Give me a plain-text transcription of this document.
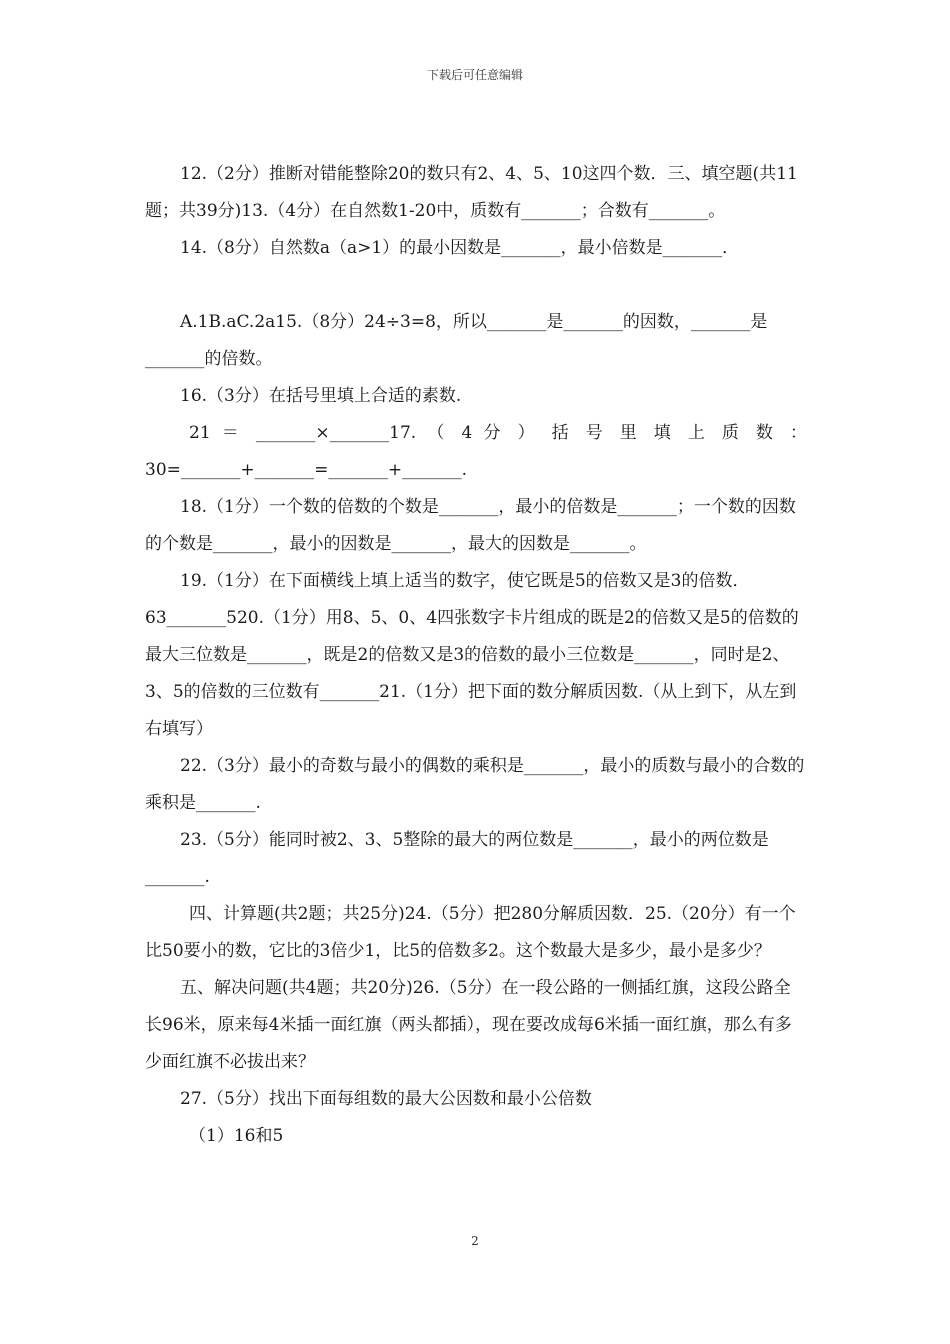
下载后可任意编辑

12.（2分）推断对错能整除20的数只有2、4、5、10这四个数．三、填空题(共11题；共39分)13.（4分）在自然数1-20中，质数有_______；合数有_______。

14.（8分）自然数a（a>1）的最小因数是_______，最小倍数是_______．

A.1B.aC.2a15.（8分）24÷3=8，所以_______是_______的因数，_______是_______的倍数。

16.（3分）在括号里填上合适的素数.

21 ＝ _______×_______17. （ 4 分 ） 括 号 里 填 上 质 数 ：

30=_______+_______=_______+_______.

18.（1分）一个数的倍数的个数是_______，最小的倍数是_______；一个数的因数的个数是_______，最小的因数是_______，最大的因数是_______。

19.（1分）在下面横线上填上适当的数字，使它既是5的倍数又是3的倍数．63_______520.（1分）用8、5、0、4四张数字卡片组成的既是2的倍数又是5的倍数的最大三位数是_______，既是2的倍数又是3的倍数的最小三位数是_______，同时是2、3、5的倍数的三位数有_______21.（1分）把下面的数分解质因数.（从上到下，从左到右填写）

22.（3分）最小的奇数与最小的偶数的乘积是_______，最小的质数与最小的合数的乘积是_______.

23.（5分）能同时被2、3、5整除的最大的两位数是_______，最小的两位数是_______.

四、计算题(共2题；共25分)24.（5分）把280分解质因数．25.（20分）有一个比50要小的数，它比的3倍少1，比5的倍数多2。这个数最大是多少，最小是多少？

五、解决问题(共4题；共20分)26.（5分）在一段公路的一侧插红旗，这段公路全长96米，原来每4米插一面红旗（两头都插），现在要改成每6米插一面红旗，那么有多少面红旗不必拔出来？

27.（5分）找出下面每组数的最大公因数和最小公倍数

（1）16和5

2
